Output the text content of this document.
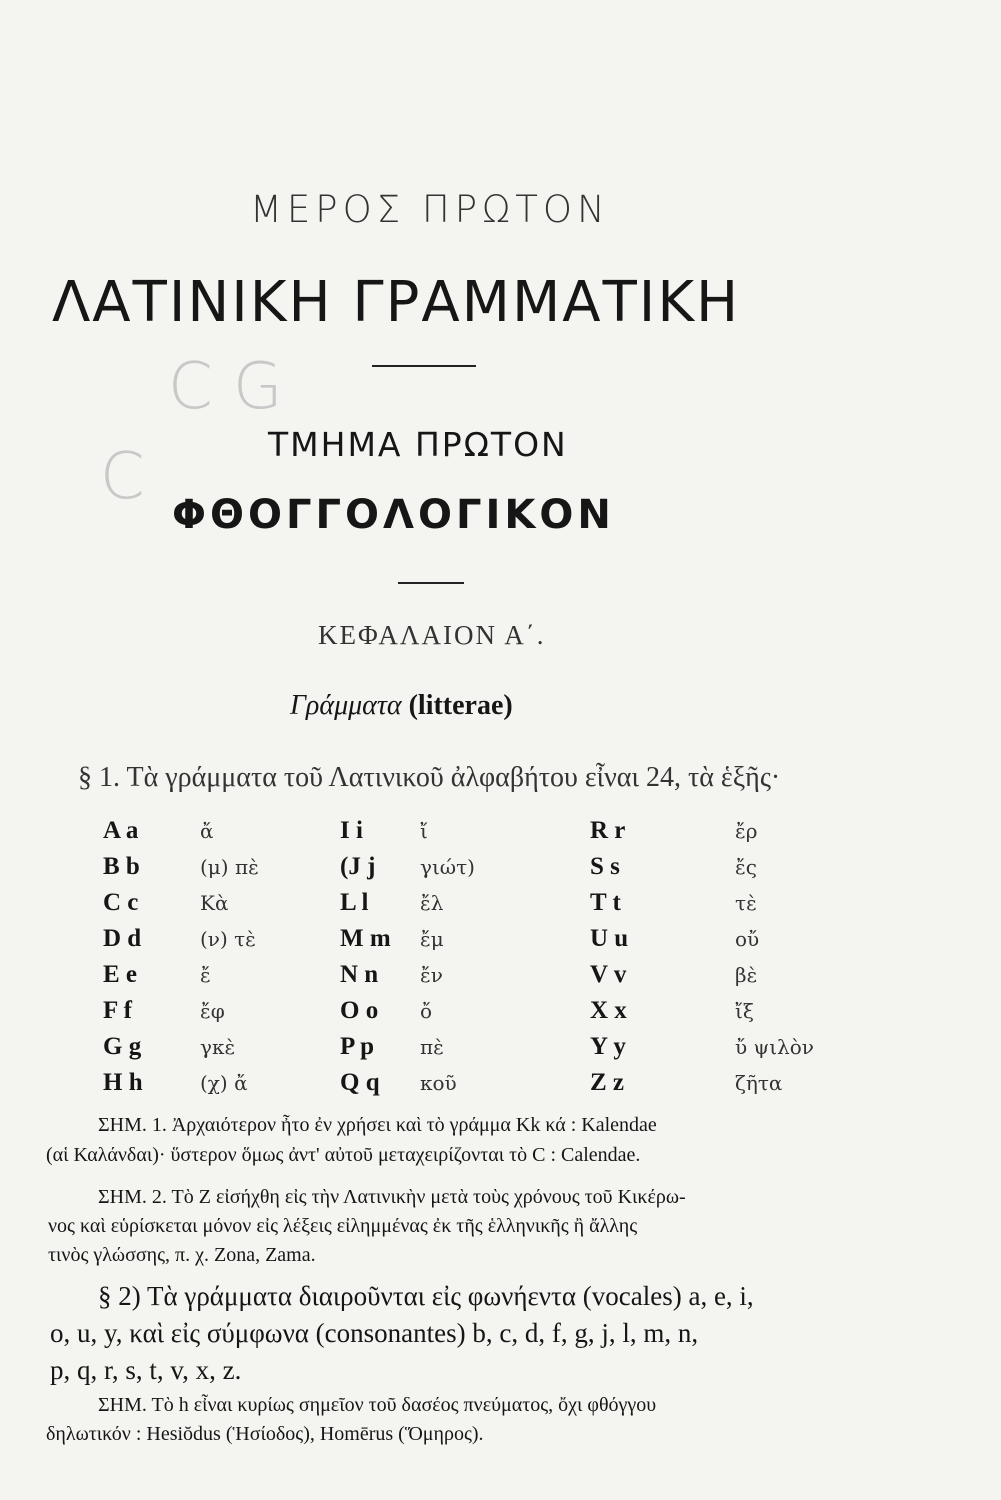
C G
C
ΜΕΡΟΣ ΠΡΩΤΟΝ
ΛΑΤΙΝΙΚΗ ΓΡΑΜΜΑΤΙΚΗ
ΤΜΗΜΑ ΠΡΩΤΟΝ
ΦΘΟΓΓΟΛΟΓΙΚΟΝ
ΚΕΦΑΛΑΙΟΝ Α΄.
Γράμματα (litterae)
§ 1. Τὰ γράμματα τοῦ Λατινικοῦ ἀλφαβήτου εἶναι 24, τὰ ἑξῆς·
A a
B b
C c
D d
E e
F f
G g
H h
ἄ
(μ) πὲ
Κὰ
(ν) τὲ
ἔ
ἔφ
γκὲ
(χ) ἄ
I i
(J j
L l
M m
N n
O o
P p
Q q
ἴ
γιώτ)
ἔλ
ἔμ
ἔν
ὄ
πὲ
κοῦ
R r
S s
T t
U u
V v
X x
Y y
Z z
ἔρ
ἔς
τὲ
οὔ
βὲ
ἴξ
ὔ ψιλὸν
ζῆτα
ΣΗΜ. 1. Ἀρχαιότερον ἦτο ἐν χρήσει καὶ τὸ γράμμα Kk κά : Kalendae
(αἱ Καλάνδαι)· ὕστερον ὅμως ἀντ' αὐτοῦ μεταχειρίζονται τὸ C : Calendae.
ΣΗΜ. 2. Τὸ Z εἰσήχθη εἰς τὴν Λατινικὴν μετὰ τοὺς χρόνους τοῦ Κικέρω-
νος καὶ εὑρίσκεται μόνον εἰς λέξεις εἰλημμένας ἐκ τῆς ἑλληνικῆς ἢ ἄλλης
τινὸς γλώσσης, π. χ. Zona, Zama.
§ 2) Τὰ γράμματα διαιροῦνται εἰς φωνήεντα (vocales) a, e, i,
o, u, y, καὶ εἰς σύμφωνα (consonantes) b, c, d, f, g, j, l, m, n,
p, q, r, s, t, v, x, z.
ΣΗΜ. Τὸ h εἶναι κυρίως σημεῖον τοῦ δασέος πνεύματος, ὄχι φθόγγου
δηλωτικόν : Hesiŏdus (Ἡσίοδος), Homērus (Ὅμηρος).
